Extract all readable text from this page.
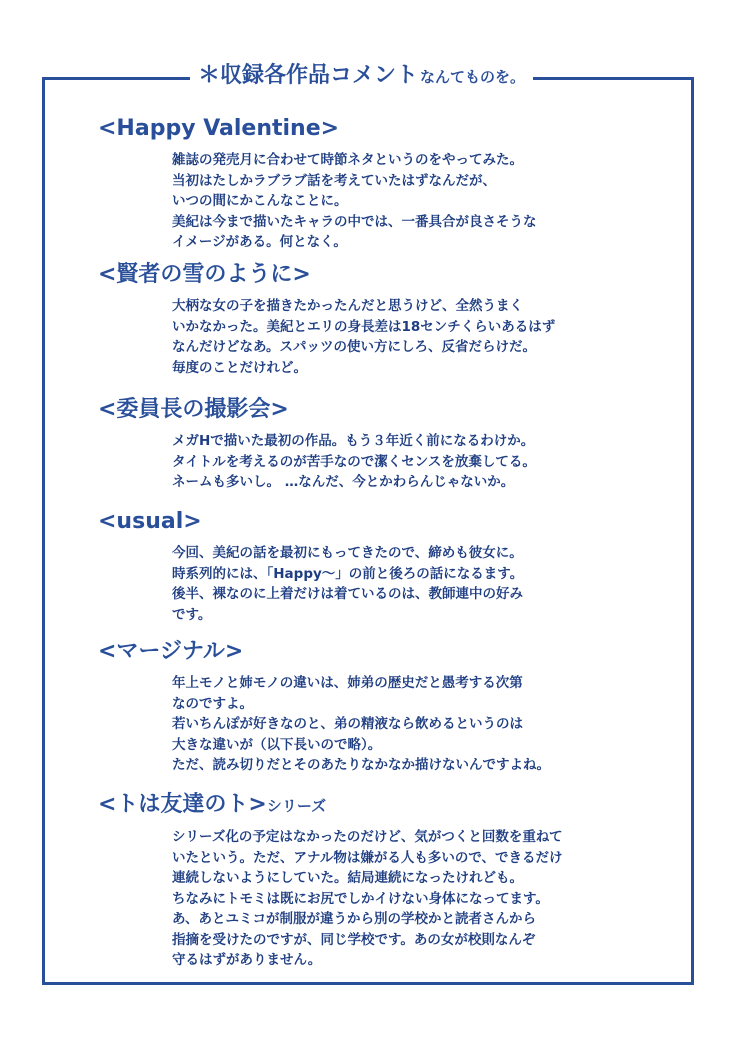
＊収録各作品コメント なんてものを。
<Happy Valentine>
雑誌の発売月に合わせて時節ネタというのをやってみた。
当初はたしかラブラブ話を考えていたはずなんだが、
いつの間にかこんなことに。
美紀は今まで描いたキャラの中では、一番具合が良さそうな
イメージがある。何となく。
<賢者の雪のように>
大柄な女の子を描きたかったんだと思うけど、全然うまく
いかなかった。美紀とエリの身長差は18センチくらいあるはず
なんだけどなあ。スパッツの使い方にしろ、反省だらけだ。
毎度のことだけれど。
<委員長の撮影会>
メガHで描いた最初の作品。もう３年近く前になるわけか。
タイトルを考えるのが苦手なので潔くセンスを放棄してる。
ネームも多いし。 …なんだ、今とかわらんじゃないか。
<usual>
今回、美紀の話を最初にもってきたので、締めも彼女に。
時系列的には、「Happy～」の前と後ろの話になるます。
後半、裸なのに上着だけは着ているのは、教師連中の好み
です。
<マージナル>
年上モノと姉モノの違いは、姉弟の歴史だと愚考する次第
なのですよ。
若いちんぽが好きなのと、弟の精液なら飲めるというのは
大きな違いが（以下長いので略）。
ただ、読み切りだとそのあたりなかなか描けないんですよね。
<トは友達のト>シリーズ
シリーズ化の予定はなかったのだけど、気がつくと回数を重ねて
いたという。ただ、アナル物は嫌がる人も多いので、できるだけ
連続しないようにしていた。結局連続になったけれども。
ちなみにトモミは既にお尻でしかイけない身体になってます。
あ、あとユミコが制服が違うから別の学校かと読者さんから
指摘を受けたのですが、同じ学校です。あの女が校則なんぞ
守るはずがありません。
